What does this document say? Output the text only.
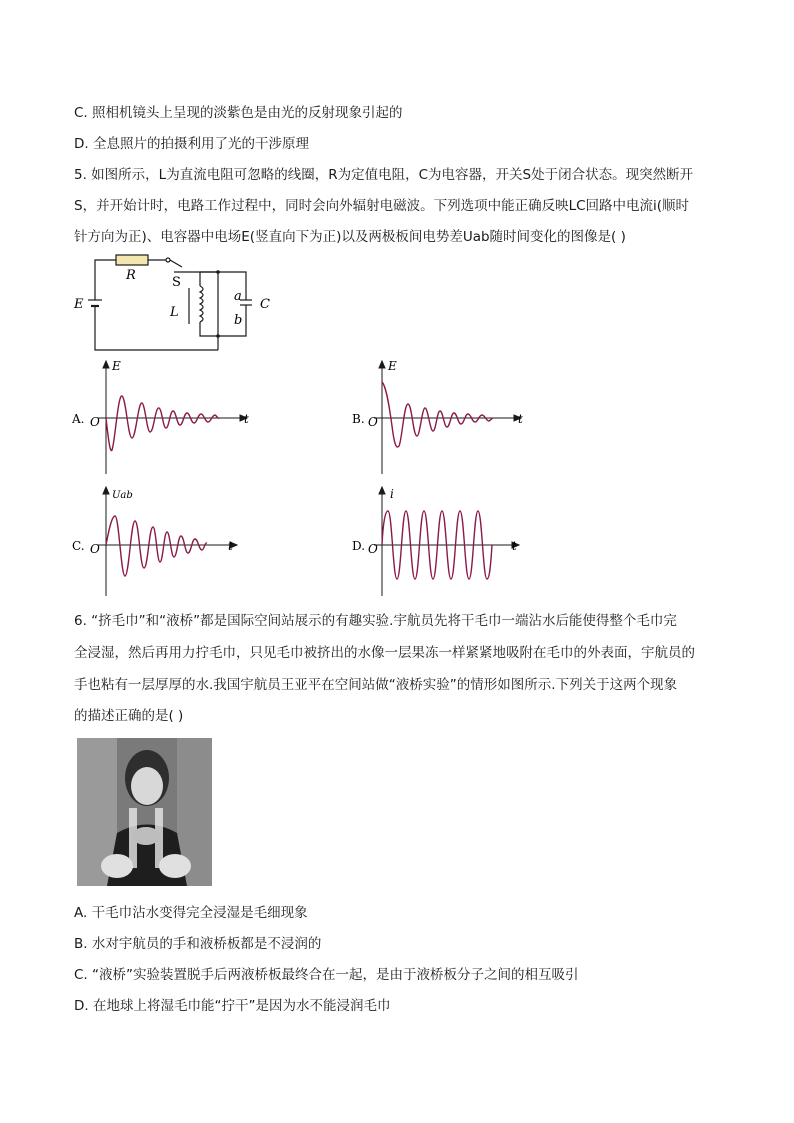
C. 照相机镜头上呈现的淡紫色是由光的反射现象引起的
D. 全息照片的拍摄利用了光的干涉原理
5. 如图所示，L为直流电阻可忽略的线圈，R为定值电阻，C为电容器，开关S处于闭合状态。现突然断开
S，并开始计时，电路工作过程中，同时会向外辐射电磁波。下列选项中能正确反映LC回路中电流i(顺时
针方向为正)、电容器中电场E(竖直向下为正)以及两极板间电势差Uab随时间变化的图像是( )
R	S
E
L
a
b
C
A. O
E
t	B. O
E
t
C. O
Uab
t	D. O
i
t
6. “挤毛巾”和“液桥”都是国际空间站展示的有趣实验.宇航员先将干毛巾一端沾水后能使得整个毛巾完
全浸湿，然后再用力拧毛巾，只见毛巾被挤出的水像一层果冻一样紧紧地吸附在毛巾的外表面，宇航员的
手也粘有一层厚厚的水.我国宇航员王亚平在空间站做“液桥实验”的情形如图所示.下列关于这两个现象
的描述正确的是( )
A. 干毛巾沾水变得完全浸湿是毛细现象
B. 水对宇航员的手和液桥板都是不浸润的
C. “液桥”实验装置脱手后两液桥板最终合在一起，是由于液桥板分子之间的相互吸引
D. 在地球上将湿毛巾能“拧干”是因为水不能浸润毛巾
